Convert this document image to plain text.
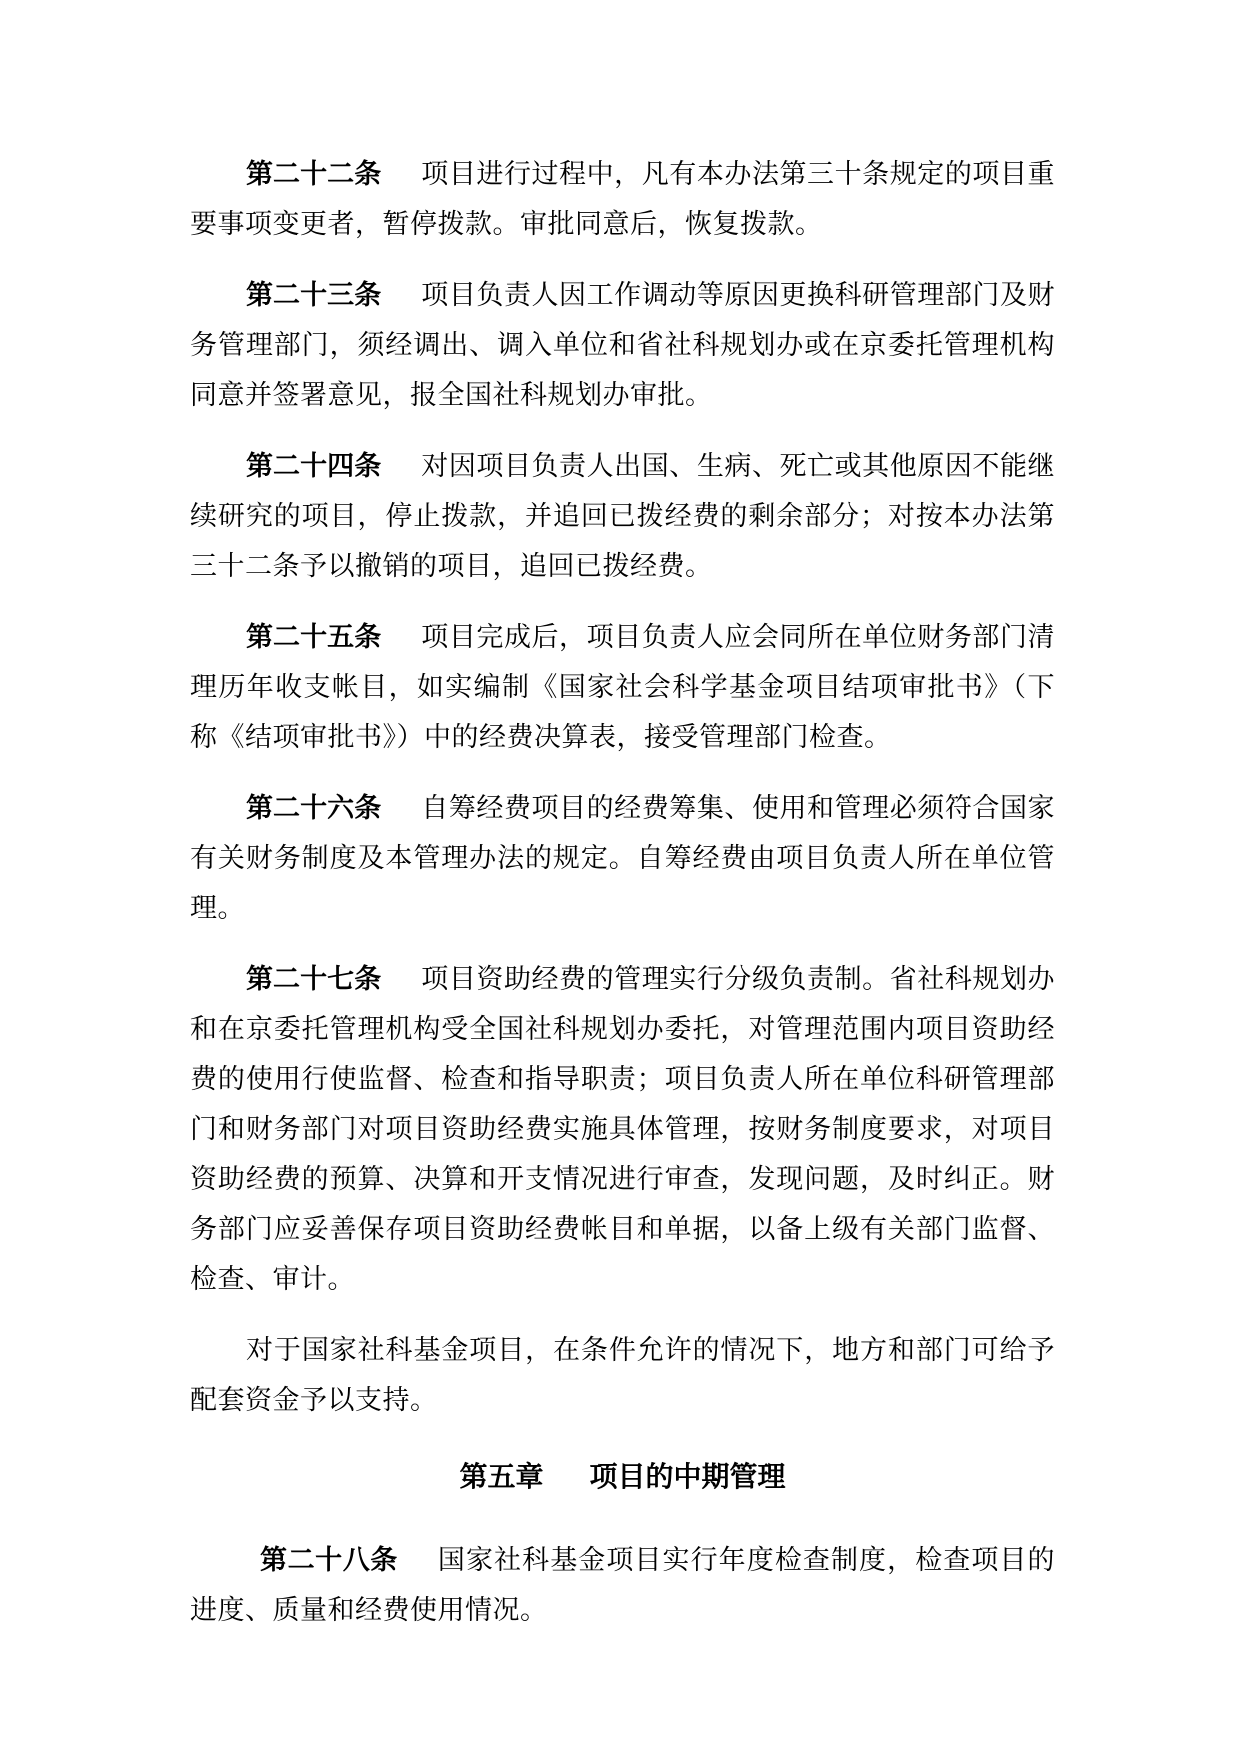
第二十二条 项目进行过程中，凡有本办法第三十条规定的项目重要事项变更者，暂停拨款。审批同意后，恢复拨款。

第二十三条 项目负责人因工作调动等原因更换科研管理部门及财务管理部门，须经调出、调入单位和省社科规划办或在京委托管理机构同意并签署意见，报全国社科规划办审批。

第二十四条 对因项目负责人出国、生病、死亡或其他原因不能继续研究的项目，停止拨款，并追回已拨经费的剩余部分；对按本办法第三十二条予以撤销的项目，追回已拨经费。

第二十五条 项目完成后，项目负责人应会同所在单位财务部门清理历年收支帐目，如实编制《国家社会科学基金项目结项审批书》（下称《结项审批书》）中的经费决算表，接受管理部门检查。

第二十六条 自筹经费项目的经费筹集、使用和管理必须符合国家有关财务制度及本管理办法的规定。自筹经费由项目负责人所在单位管理。

第二十七条 项目资助经费的管理实行分级负责制。省社科规划办和在京委托管理机构受全国社科规划办委托，对管理范围内项目资助经费的使用行使监督、检查和指导职责；项目负责人所在单位科研管理部门和财务部门对项目资助经费实施具体管理，按财务制度要求，对项目资助经费的预算、决算和开支情况进行审查，发现问题，及时纠正。财务部门应妥善保存项目资助经费帐目和单据，以备上级有关部门监督、检查、审计。

对于国家社科基金项目，在条件允许的情况下，地方和部门可给予配套资金予以支持。

第五章 项目的中期管理

第二十八条 国家社科基金项目实行年度检查制度，检查项目的进度、质量和经费使用情况。
